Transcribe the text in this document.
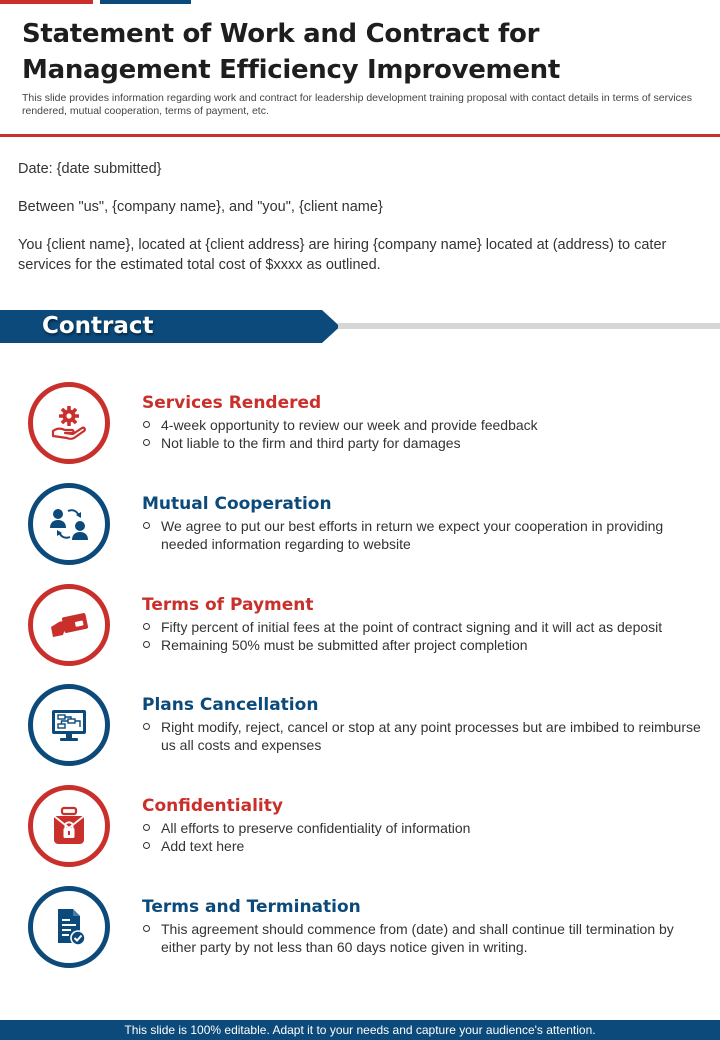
Statement of Work and Contract for Management Efficiency Improvement

This slide provides information regarding work and contract for leadership development training proposal with contact details in terms of services rendered, mutual cooperation, terms of payment, etc.

Date: {date submitted}

Between "us", {company name}, and "you", {client name}

You {client name}, located at {client address} are hiring {company name} located at (address) to cater services for the estimated total cost of $xxxx as outlined.

Contract
Services Rendered
4-week opportunity to review our week and provide feedback
Not liable to the firm and third party for damages
Mutual Cooperation
We agree to put our best efforts in return we expect your cooperation in providing needed information regarding to website
Terms of Payment
Fifty percent of initial fees at the point of contract signing and it will act as deposit
Remaining 50% must be submitted after project completion
Plans Cancellation
Right modify, reject, cancel or stop at any point processes but are imbibed to reimburse us all costs and expenses
Confidentiality
All efforts to preserve confidentiality of information
Add text here
Terms and Termination
This agreement should commence from (date) and shall continue till termination by either party by not less than 60 days notice given in writing.
This slide is 100% editable. Adapt it to your needs and capture your audience's attention.
